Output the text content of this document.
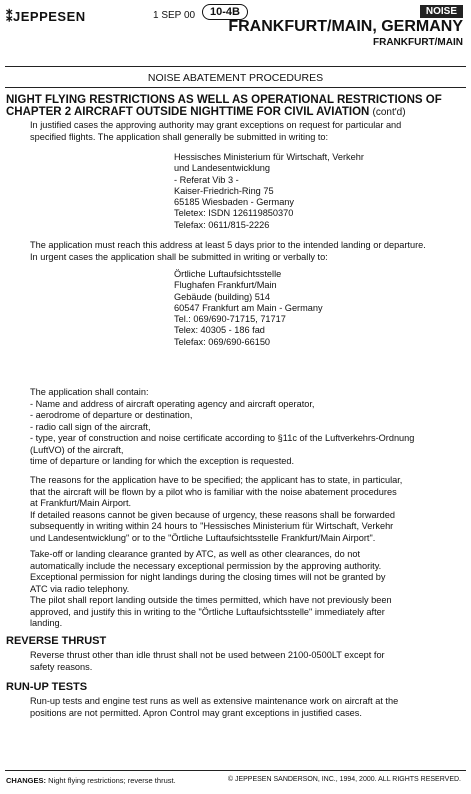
⁑JEPPESEN	1 SEP 00	10-4B	NOISE
FRANKFURT/MAIN, GERMANY
FRANKFURT/MAIN
NOISE ABATEMENT PROCEDURES
NIGHT FLYING RESTRICTIONS AS WELL AS OPERATIONAL RESTRICTIONS OF
CHAPTER 2 AIRCRAFT OUTSIDE NIGHTTIME FOR CIVIL AVIATION (cont'd)
In justified cases the approving authority may grant exceptions on request for particular and
specified flights. The application shall generally be submitted in writing to:
Hessisches Ministerium für Wirtschaft, Verkehr
und Landesentwicklung
- Referat Vib 3 -
Kaiser-Friedrich-Ring 75
65185 Wiesbaden - Germany
Teletex: ISDN 126119850370
Telefax: 0611/815-2226
The application must reach this address at least 5 days prior to the intended landing or departure.
In urgent cases the application shall be submitted in writing or verbally to:
Örtliche Luftaufsichtsstelle
Flughafen Frankfurt/Main
Gebäude (building) 514
60547 Frankfurt am Main - Germany
Tel.: 069/690-71715, 71717
Telex: 40305 - 186 fad
Telefax: 069/690-66150
The application shall contain:
- Name and address of aircraft operating agency and aircraft operator,
- aerodrome of departure or destination,
- radio call sign of the aircraft,
- type, year of construction and noise certificate according to §11c of the Luftverkehrs-Ordnung
(LuftVO) of the aircraft,
time of departure or landing for which the exception is requested.
The reasons for the application have to be specified; the applicant has to state, in particular,
that the aircraft will be flown by a pilot who is familiar with the noise abatement procedures
at Frankfurt/Main Airport.
If detailed reasons cannot be given because of urgency, these reasons shall be forwarded
subsequently in writing within 24 hours to "Hessisches Ministerium für Wirtschaft, Verkehr
und Landesentwicklung" or to the "Örtliche Luftaufsichtsstelle Frankfurt/Main Airport".
Take-off or landing clearance granted by ATC, as well as other clearances, do not
automatically include the necessary exceptional permission by the approving authority.
Exceptional permission for night landings during the closing times will not be granted by
ATC via radio telephony.
The pilot shall report landing outside the times permitted, which have not previously been
approved, and justify this in writing to the "Örtliche Luftaufsichtsstelle" immediately after
landing.
REVERSE THRUST
Reverse thrust other than idle thrust shall not be used between 2100-0500LT except for
safety reasons.
RUN-UP TESTS
Run-up tests and engine test runs as well as extensive maintenance work on aircraft at the
positions are not permitted. Apron Control may grant exceptions in justified cases.
CHANGES: Night flying restrictions; reverse thrust.	© JEPPESEN SANDERSON, INC., 1994, 2000. ALL RIGHTS RESERVED.
